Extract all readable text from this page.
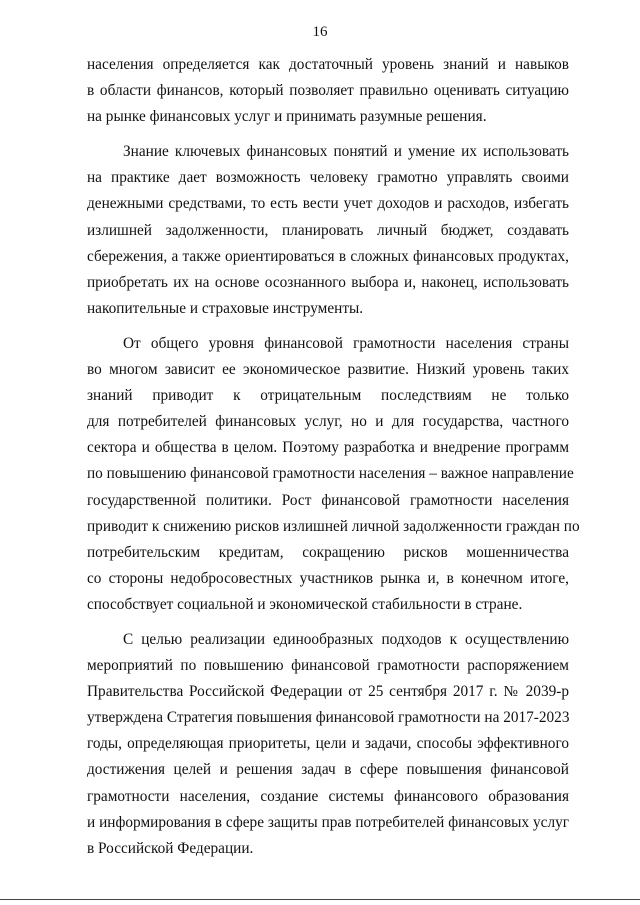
16
населения определяется как достаточный уровень знаний и навыков
в области финансов, который позволяет правильно оценивать ситуацию
на рынке финансовых услуг и принимать разумные решения.
Знание ключевых финансовых понятий и умение их использовать
на практике дает возможность человеку грамотно управлять своими
денежными средствами, то есть вести учет доходов и расходов, избегать
излишней задолженности, планировать личный бюджет, создавать
сбережения, а также ориентироваться в сложных финансовых продуктах,
приобретать их на основе осознанного выбора и, наконец, использовать
накопительные и страховые инструменты.
От общего уровня финансовой грамотности населения страны
во многом зависит ее экономическое развитие. Низкий уровень таких
знаний приводит к отрицательным последствиям не только
для потребителей финансовых услуг, но и для государства, частного
сектора и общества в целом. Поэтому разработка и внедрение программ
по повышению финансовой грамотности населения – важное направление
государственной политики. Рост финансовой грамотности населения
приводит к снижению рисков излишней личной задолженности граждан по
потребительским кредитам, сокращению рисков мошенничества
со стороны недобросовестных участников рынка и, в конечном итоге,
способствует социальной и экономической стабильности в стране.
С целью реализации единообразных подходов к осуществлению
мероприятий по повышению финансовой грамотности распоряжением
Правительства Российской Федерации от 25 сентября 2017 г. № 2039-р
утверждена Стратегия повышения финансовой грамотности на 2017-2023
годы, определяющая приоритеты, цели и задачи, способы эффективного
достижения целей и решения задач в сфере повышения финансовой
грамотности населения, создание системы финансового образования
и информирования в сфере защиты прав потребителей финансовых услуг
в Российской Федерации.
